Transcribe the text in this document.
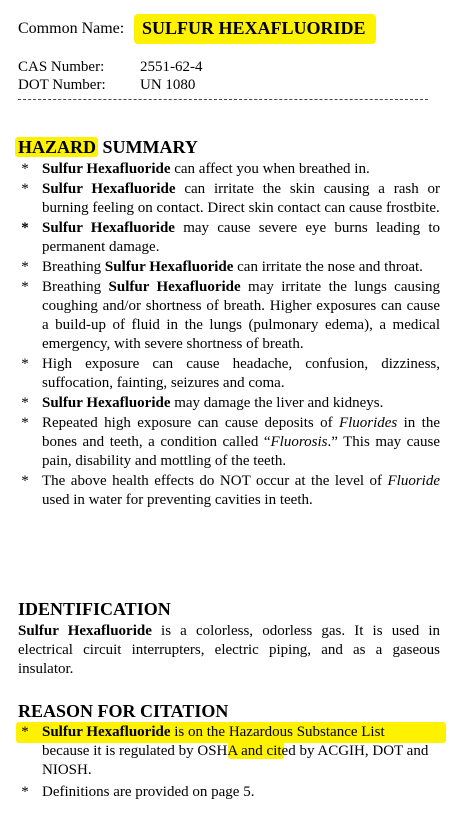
Common Name: SULFUR HEXAFLUORIDE
CAS Number: 2551-62-4
DOT Number: UN 1080
HAZARD SUMMARY
* Sulfur Hexafluoride can affect you when breathed in.
* Sulfur Hexafluoride can irritate the skin causing a rash or burning feeling on contact. Direct skin contact can cause frostbite.
* Sulfur Hexafluoride may cause severe eye burns leading to permanent damage.
* Breathing Sulfur Hexafluoride can irritate the nose and throat.
* Breathing Sulfur Hexafluoride may irritate the lungs causing coughing and/or shortness of breath. Higher exposures can cause a build-up of fluid in the lungs (pulmonary edema), a medical emergency, with severe shortness of breath.
* High exposure can cause headache, confusion, dizziness, suffocation, fainting, seizures and coma.
* Sulfur Hexafluoride may damage the liver and kidneys.
* Repeated high exposure can cause deposits of Fluorides in the bones and teeth, a condition called “Fluorosis.” This may cause pain, disability and mottling of the teeth.
* The above health effects do NOT occur at the level of Fluoride used in water for preventing cavities in teeth.
IDENTIFICATION

Sulfur Hexafluoride is a colorless, odorless gas. It is used in electrical circuit interrupters, electric piping, and as a gaseous insulator.

REASON FOR CITATION
* Sulfur Hexafluoride is on the Hazardous Substance List
because it is regulated by OSHA and cited by ACGIH, DOT and NIOSH.
* Definitions are provided on page 5.
